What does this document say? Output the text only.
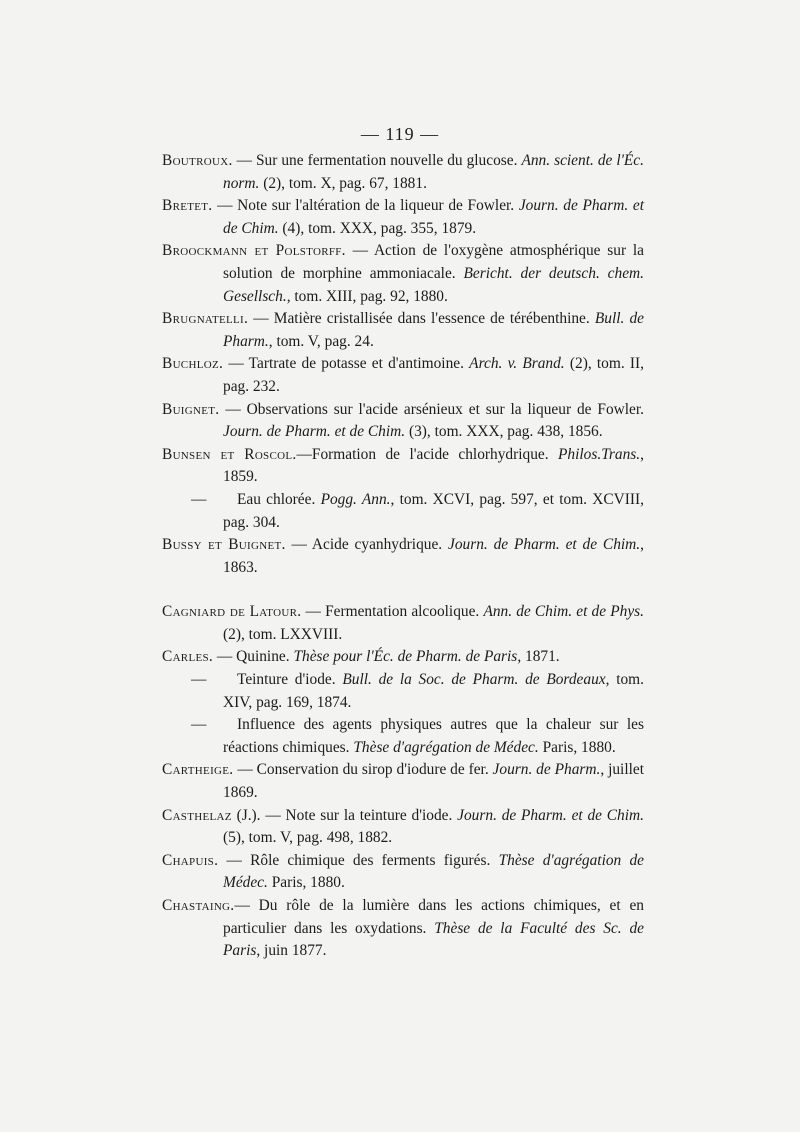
— 119 —
Boutroux. — Sur une fermentation nouvelle du glucose. Ann. scient. de l'Éc. norm. (2), tom. X, pag. 67, 1881.
Bretet. — Note sur l'altération de la liqueur de Fowler. Journ. de Pharm. et de Chim. (4), tom. XXX, pag. 355, 1879.
Broockmann et Polstorff. — Action de l'oxygène atmosphérique sur la solution de morphine ammoniacale. Bericht. der deutsch. chem. Gesellsch., tom. XIII, pag. 92, 1880.
Brugnatelli. — Matière cristallisée dans l'essence de térébenthine. Bull. de Pharm., tom. V, pag. 24.
Buchloz. — Tartrate de potasse et d'antimoine. Arch. v. Brand. (2), tom. II, pag. 232.
Buignet. — Observations sur l'acide arsénieux et sur la liqueur de Fowler. Journ. de Pharm. et de Chim. (3), tom. XXX, pag. 438, 1856.
Bunsen et Roscol.—Formation de l'acide chlorhydrique. Philos.Trans., 1859.
— Eau chlorée. Pogg. Ann., tom. XCVI, pag. 597, et tom. XCVIII, pag. 304.
Bussy et Buignet. — Acide cyanhydrique. Journ. de Pharm. et de Chim., 1863.
Cagniard de Latour. — Fermentation alcoolique. Ann. de Chim. et de Phys. (2), tom. LXXVIII.
Carles. — Quinine. Thèse pour l'Éc. de Pharm. de Paris, 1871.
— Teinture d'iode. Bull. de la Soc. de Pharm. de Bordeaux, tom. XIV, pag. 169, 1874.
— Influence des agents physiques autres que la chaleur sur les réactions chimiques. Thèse d'agrégation de Médec. Paris, 1880.
Cartheige. — Conservation du sirop d'iodure de fer. Journ. de Pharm., juillet 1869.
Casthelaz (J.). — Note sur la teinture d'iode. Journ. de Pharm. et de Chim. (5), tom. V, pag. 498, 1882.
Chapuis. — Rôle chimique des ferments figurés. Thèse d'agrégation de Médec. Paris, 1880.
Chastaing.— Du rôle de la lumière dans les actions chimiques, et en particulier dans les oxydations. Thèse de la Faculté des Sc. de Paris, juin 1877.
